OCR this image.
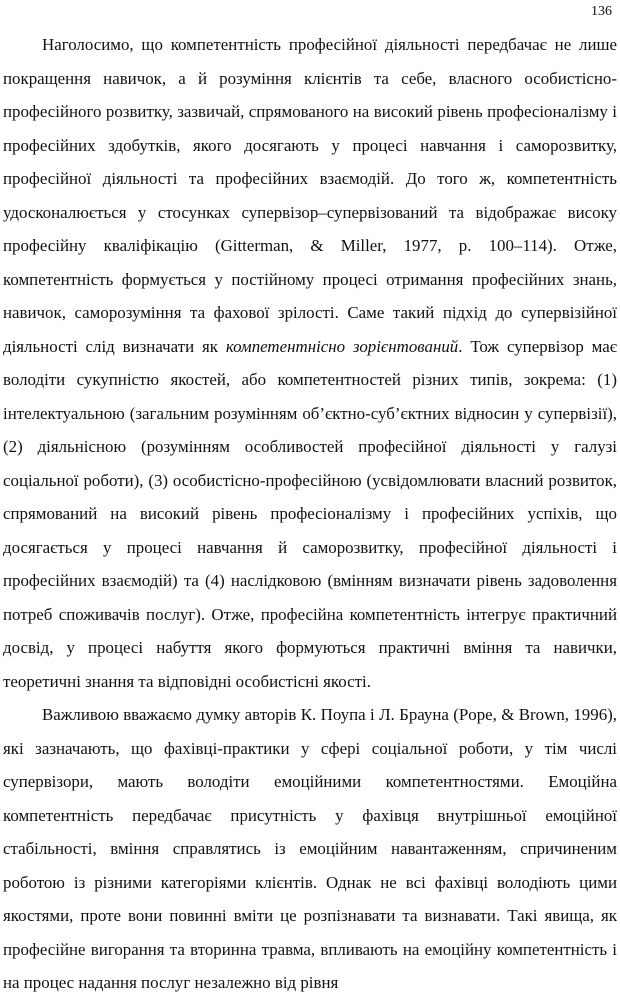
136

Наголосимо, що компетентність професійної діяльності передбачає не лише покращення навичок, а й розуміння клієнтів та себе, власного особистісно-професійного розвитку, зазвичай, спрямованого на високий рівень професіоналізму і професійних здобутків, якого досягають у процесі навчання і саморозвитку, професійної діяльності та професійних взаємодій. До того ж, компетентність удосконалюється у стосунках супервізор–супервізований та відображає високу професійну кваліфікацію (Gitterman, & Miller, 1977, p. 100–114). Отже, компетентність формується у постійному процесі отримання професійних знань, навичок, саморозуміння та фахової зрілості. Саме такий підхід до супервізійної діяльності слід визначати як компетентнісно зорієнтований. Тож супервізор має володіти сукупністю якостей, або компетентностей різних типів, зокрема: (1) інтелектуальною (загальним розумінням об’єктно-суб’єктних відносин у супервізії), (2) діяльнісною (розумінням особливостей професійної діяльності у галузі соціальної роботи), (3) особистісно-професійною (усвідомлювати власний розвиток, спрямований на високий рівень професіоналізму і професійних успіхів, що досягається у процесі навчання й саморозвитку, професійної діяльності і професійних взаємодій) та (4) наслідковою (вмінням визначати рівень задоволення потреб споживачів послуг). Отже, професійна компетентність інтегрує практичний досвід, у процесі набуття якого формуються практичні вміння та навички, теоретичні знання та відповідні особистісні якості.

Важливою вважаємо думку авторів К. Поупа і Л. Брауна (Pope, & Brown, 1996), які зазначають, що фахівці-практики у сфері соціальної роботи, у тім числі супервізори, мають володіти емоційними компетентностями. Емоційна компетентність передбачає присутність у фахівця внутрішньої емоційної стабільності, вміння справлятись із емоційним навантаженням, спричиненим роботою із різними категоріями клієнтів. Однак не всі фахівці володіють цими якостями, проте вони повинні вміти це розпізнавати та визнавати. Такі явища, як професійне вигорання та вторинна травма, впливають на емоційну компетентність і на процес надання послуг незалежно від рівня
